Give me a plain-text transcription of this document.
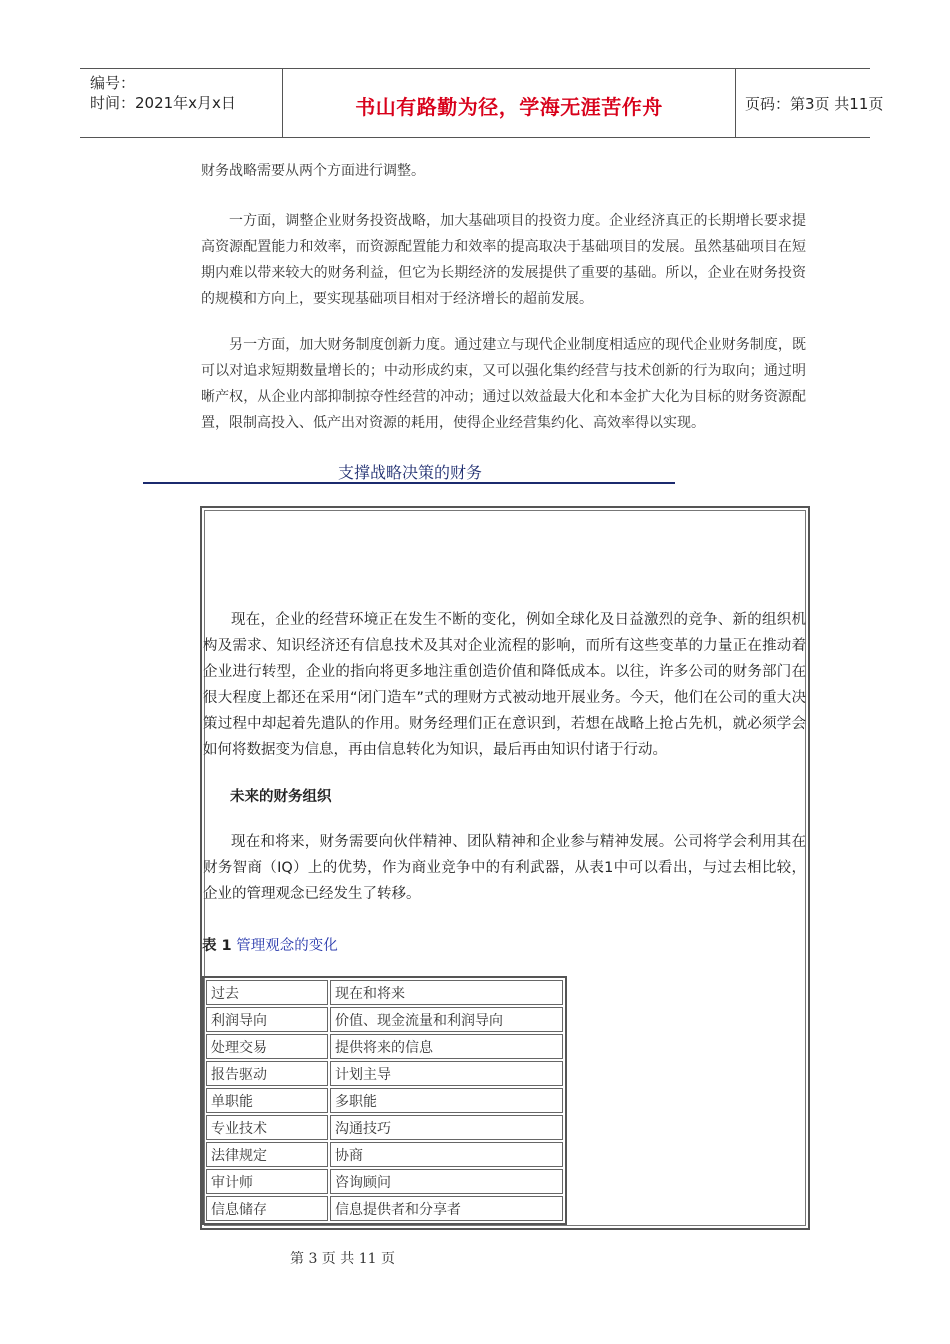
编号：
时间：2021年x月x日	书山有路勤为径，学海无涯苦作舟	页码：第3页 共11页
财务战略需要从两个方面进行调整。
一方面，调整企业财务投资战略，加大基础项目的投资力度。企业经济真正的长期增长要求提高资源配置能力和效率，而资源配置能力和效率的提高取决于基础项目的发展。虽然基础项目在短期内难以带来较大的财务利益，但它为长期经济的发展提供了重要的基础。所以，企业在财务投资的规模和方向上，要实现基础项目相对于经济增长的超前发展。
另一方面，加大财务制度创新力度。通过建立与现代企业制度相适应的现代企业财务制度，既可以对追求短期数量增长的；中动形成约束，又可以强化集约经营与技术创新的行为取向；通过明晰产权，从企业内部抑制掠夺性经营的冲动；通过以效益最大化和本金扩大化为目标的财务资源配置，限制高投入、低产出对资源的耗用，使得企业经营集约化、高效率得以实现。
支撑战略决策的财务
现在，企业的经营环境正在发生不断的变化，例如全球化及日益激烈的竞争、新的组织机构及需求、知识经济还有信息技术及其对企业流程的影响，而所有这些变革的力量正在推动着企业进行转型，企业的指向将更多地注重创造价值和降低成本。以往，许多公司的财务部门在很大程度上都还在采用“闭门造车”式的理财方式被动地开展业务。今天，他们在公司的重大决策过程中却起着先遣队的作用。财务经理们正在意识到，若想在战略上抢占先机，就必须学会如何将数据变为信息，再由信息转化为知识，最后再由知识付诸于行动。
未来的财务组织
现在和将来，财务需要向伙伴精神、团队精神和企业参与精神发展。公司将学会利用其在财务智商（IQ）上的优势，作为商业竞争中的有利武器，从表1中可以看出，与过去相比较，企业的管理观念已经发生了转移。
表 1 管理观念的变化
过去	现在和将来
利润导向	价值、现金流量和利润导向
处理交易	提供将来的信息
报告驱动	计划主导
单职能	多职能
专业技术	沟通技巧
法律规定	协商
审计师	咨询顾问
信息储存	信息提供者和分享者
第 3 页 共 11 页
